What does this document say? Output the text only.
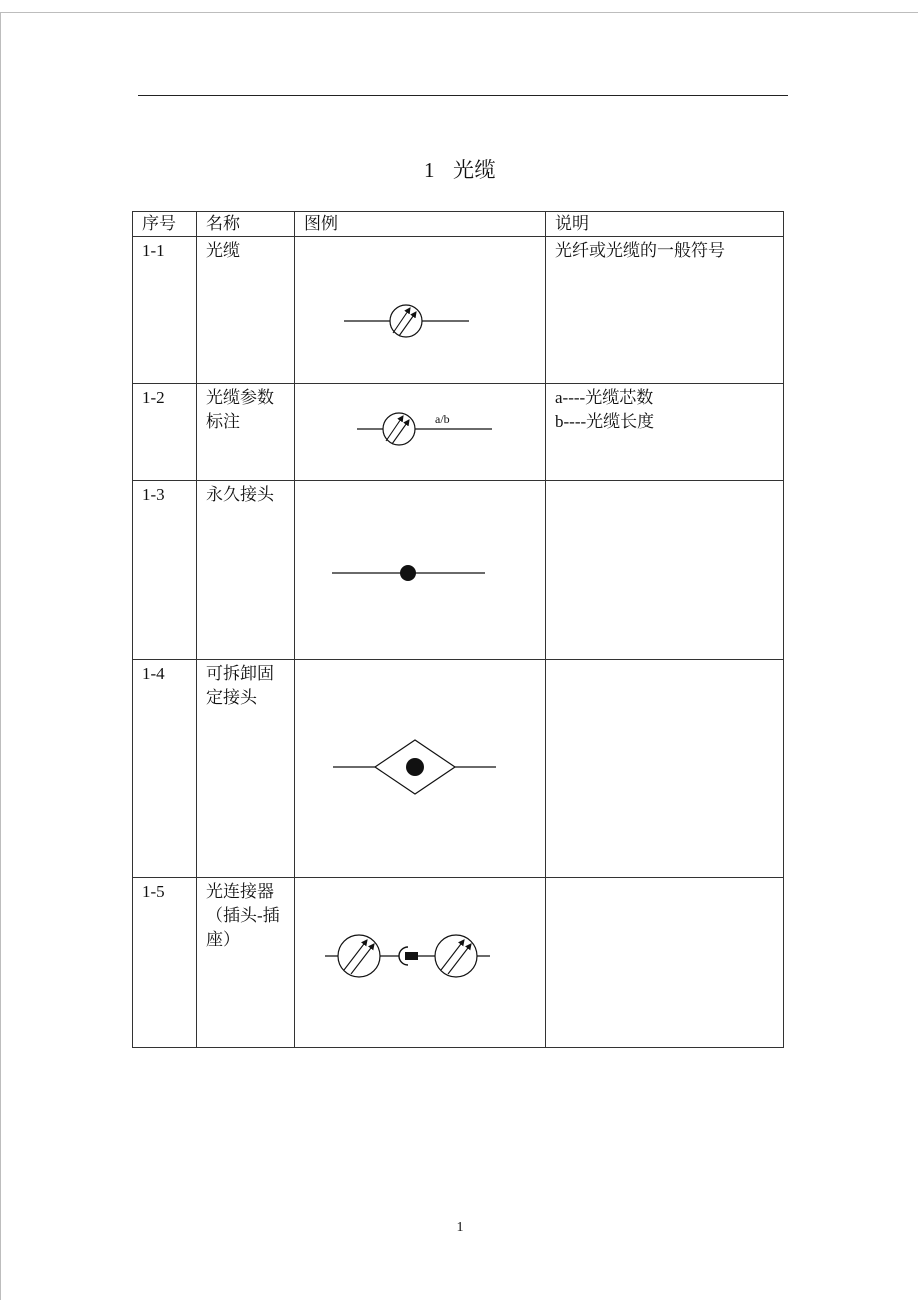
1 光缆
序号	名称	图例	说明
1-1	光缆		光纤或光缆的一般符号

1-2	光缆参数标注	a/b	a----光缆芯数
b----光缆长度

1-3	永久接头	

1-4	可拆卸固定接头	

1-5	光连接器（插头-插座）	

1
